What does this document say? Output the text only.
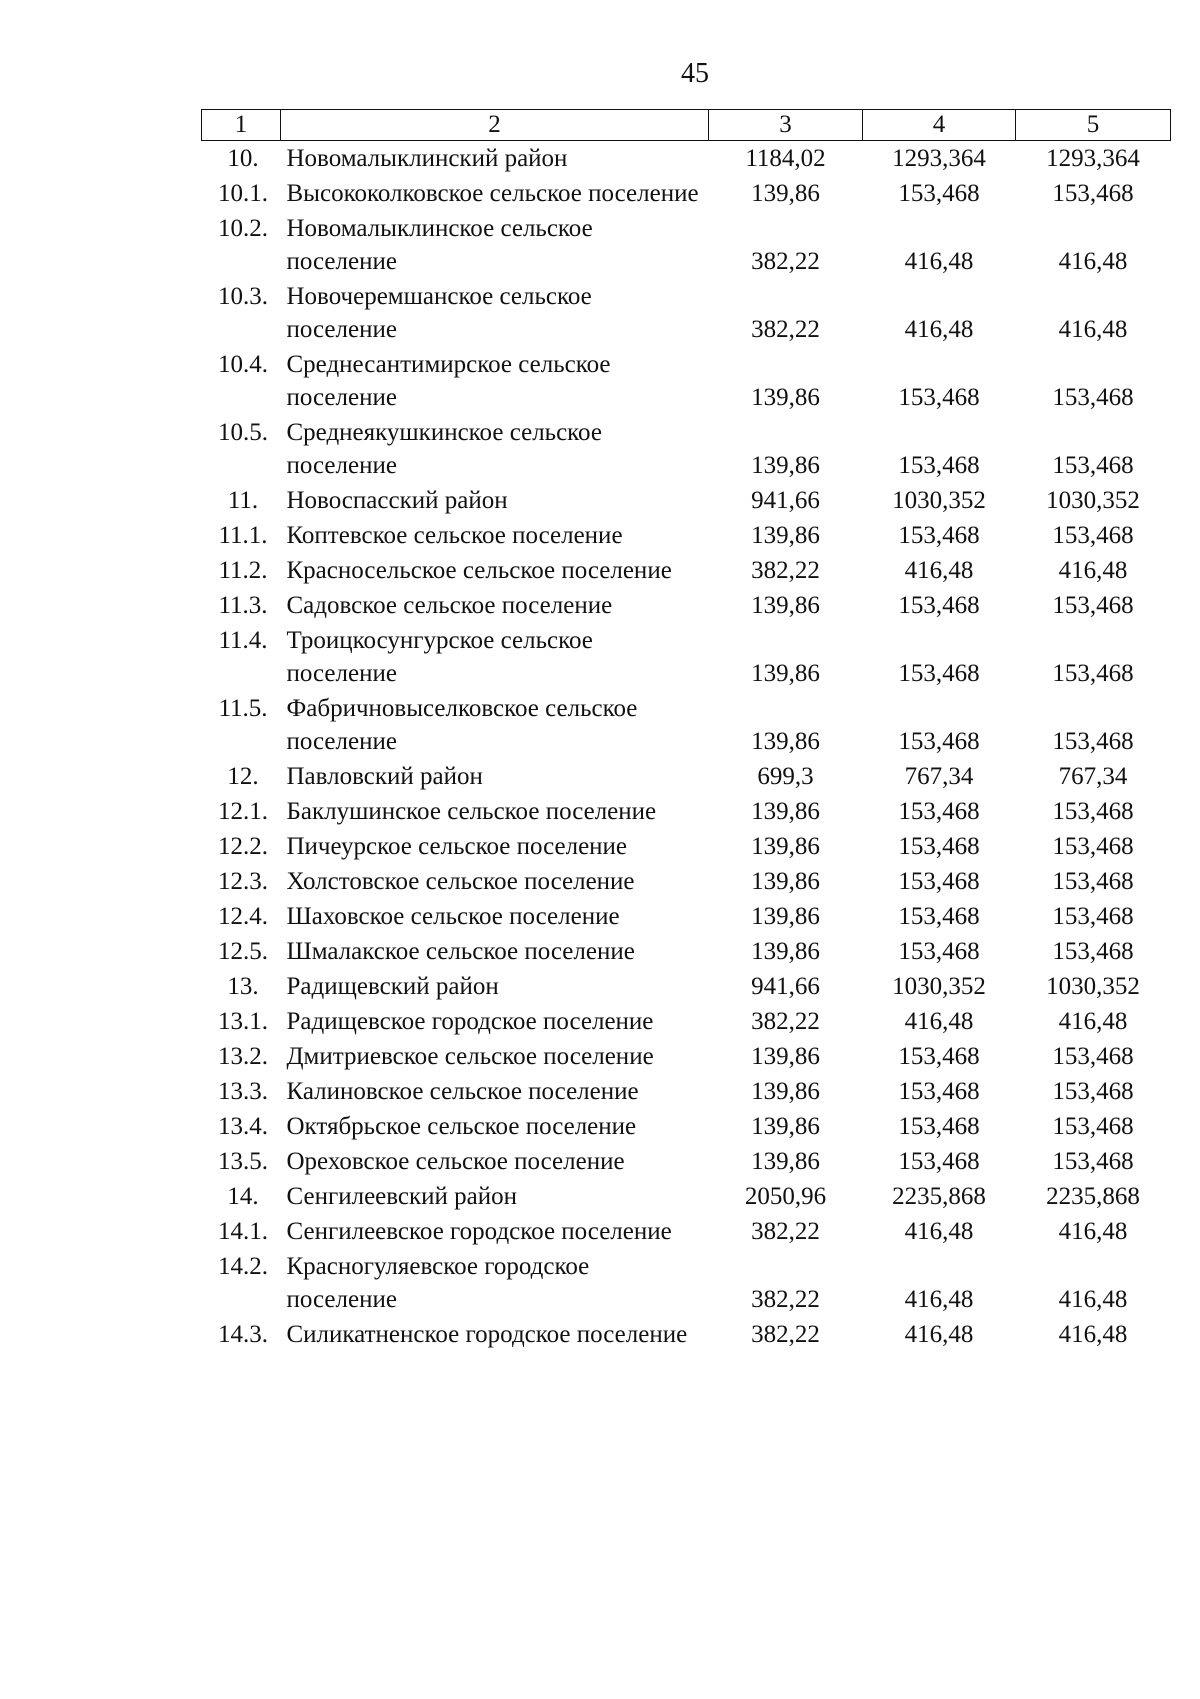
45
1	2	3	4	5
10.	Новомалыклинский район	1184,02	1293,364	1293,364
10.1.	Высококолковское сельское поселение	139,86	153,468	153,468
10.2.	Новомалыклинское сельское поселение	382,22	416,48	416,48
10.3.	Новочеремшанское сельское поселение	382,22	416,48	416,48
10.4.	Среднесантимирское сельское поселение	139,86	153,468	153,468
10.5.	Среднеякушкинское сельское поселение	139,86	153,468	153,468
11.	Новоспасский район	941,66	1030,352	1030,352
11.1.	Коптевское сельское поселение	139,86	153,468	153,468
11.2.	Красносельское сельское поселение	382,22	416,48	416,48
11.3.	Садовское сельское поселение	139,86	153,468	153,468
11.4.	Троицкосунгурское сельское поселение	139,86	153,468	153,468
11.5.	Фабричновыселковское сельское поселение	139,86	153,468	153,468
12.	Павловский район	699,3	767,34	767,34
12.1.	Баклушинское сельское поселение	139,86	153,468	153,468
12.2.	Пичеурское сельское поселение	139,86	153,468	153,468
12.3.	Холстовское сельское поселение	139,86	153,468	153,468
12.4.	Шаховское сельское поселение	139,86	153,468	153,468
12.5.	Шмалакское сельское поселение	139,86	153,468	153,468
13.	Радищевский район	941,66	1030,352	1030,352
13.1.	Радищевское городское поселение	382,22	416,48	416,48
13.2.	Дмитриевское сельское поселение	139,86	153,468	153,468
13.3.	Калиновское сельское поселение	139,86	153,468	153,468
13.4.	Октябрьское сельское поселение	139,86	153,468	153,468
13.5.	Ореховское сельское поселение	139,86	153,468	153,468
14.	Сенгилеевский район	2050,96	2235,868	2235,868
14.1.	Сенгилеевское городское поселение	382,22	416,48	416,48
14.2.	Красногуляевское городское поселение	382,22	416,48	416,48
14.3.	Силикатненское городское поселение	382,22	416,48	416,48
